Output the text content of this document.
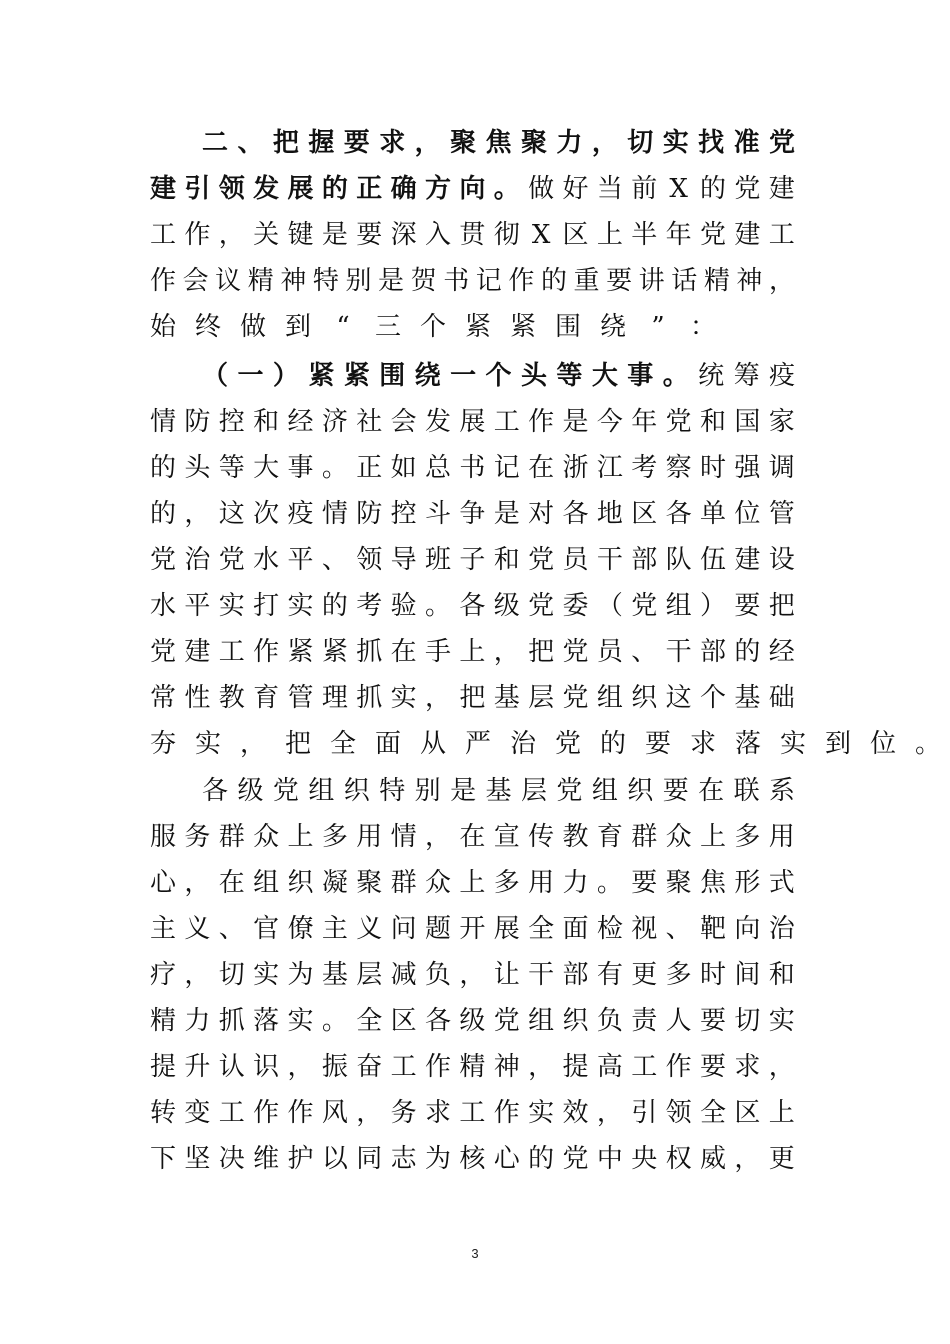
二 、 把 握 要 求 ， 聚 焦 聚 力 ， 切 实 找 准 党
建 引 领 发 展 的 正 确 方 向 。 做 好 当 前 X 的 党 建
工 作 ， 关 键 是 要 深 入 贯 彻 X 区 上 半 年 党 建 工
作 会 议 精 神 特 别 是 贺 书 记 作 的 重 要 讲 话 精 神 ，
始 终 做 到 “ 三 个 紧 紧 围 绕 ” ：
（ 一 ） 紧 紧 围 绕 一 个 头 等 大 事 。 统 筹 疫
情 防 控 和 经 济 社 会 发 展 工 作 是 今 年 党 和 国 家
的 头 等 大 事 。 正 如 总 书 记 在 浙 江 考 察 时 强 调
的 ， 这 次 疫 情 防 控 斗 争 是 对 各 地 区 各 单 位 管
党 治 党 水 平 、 领 导 班 子 和 党 员 干 部 队 伍 建 设
水 平 实 打 实 的 考 验 。 各 级 党 委 （ 党 组 ） 要 把
党 建 工 作 紧 紧 抓 在 手 上 ， 把 党 员 、 干 部 的 经
常 性 教 育 管 理 抓 实 ， 把 基 层 党 组 织 这 个 基 础
夯 实 ， 把 全 面 从 严 治 党 的 要 求 落 实 到 位 。
各 级 党 组 织 特 别 是 基 层 党 组 织 要 在 联 系
服 务 群 众 上 多 用 情 ， 在 宣 传 教 育 群 众 上 多 用
心 ， 在 组 织 凝 聚 群 众 上 多 用 力 。 要 聚 焦 形 式
主 义 、 官 僚 主 义 问 题 开 展 全 面 检 视 、 靶 向 治
疗 ， 切 实 为 基 层 减 负 ， 让 干 部 有 更 多 时 间 和
精 力 抓 落 实 。 全 区 各 级 党 组 织 负 责 人 要 切 实
提 升 认 识 ， 振 奋 工 作 精 神 ， 提 高 工 作 要 求 ，
转 变 工 作 作 风 ， 务 求 工 作 实 效 ， 引 领 全 区 上
下 坚 决 维 护 以 同 志 为 核 心 的 党 中 央 权 威 ， 更
3
